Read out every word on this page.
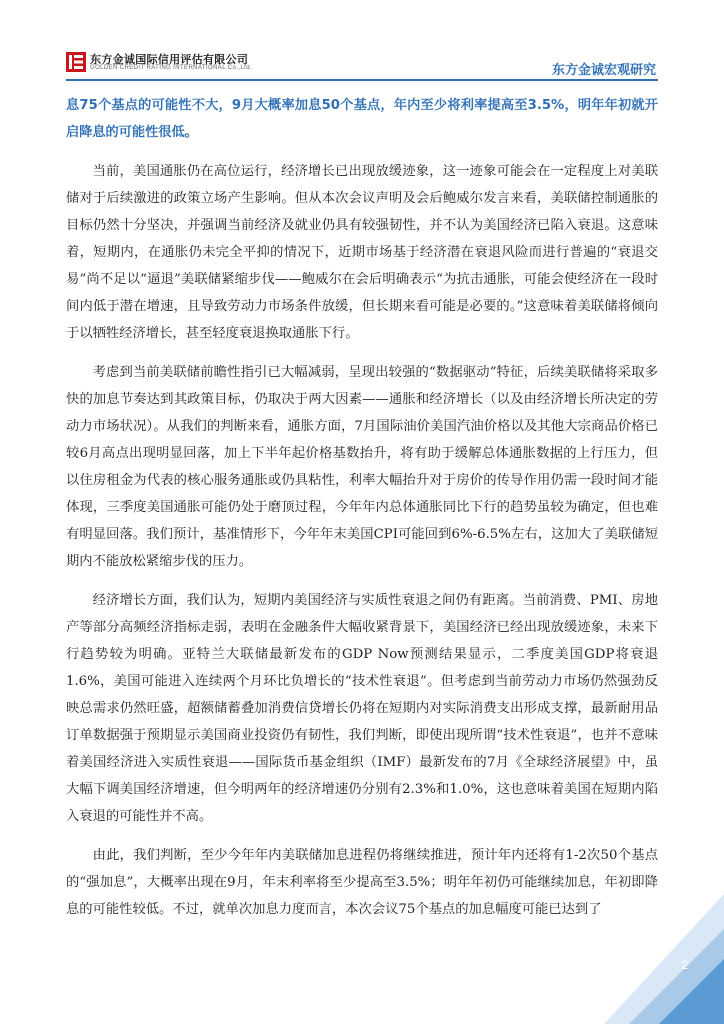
东方金诚国际信用评估有限公司
GOLDEN CREDIT RATING INTERNATIONAL Co.,Ltd.	东方金诚宏观研究

息75个基点的可能性不大，9月大概率加息50个基点，年内至少将利率提高至3.5%，明年年初就开启降息的可能性很低。

当前，美国通胀仍在高位运行，经济增长已出现放缓迹象，这一迹象可能会在一定程度上对美联储对于后续激进的政策立场产生影响。但从本次会议声明及会后鲍威尔发言来看，美联储控制通胀的目标仍然十分坚决，并强调当前经济及就业仍具有较强韧性，并不认为美国经济已陷入衰退。这意味着，短期内，在通胀仍未完全平抑的情况下，近期市场基于经济潜在衰退风险而进行普遍的“衰退交易”尚不足以“逼退”美联储紧缩步伐——鲍威尔在会后明确表示“为抗击通胀，可能会使经济在一段时间内低于潜在增速，且导致劳动力市场条件放缓，但长期来看可能是必要的。”这意味着美联储将倾向于以牺牲经济增长，甚至轻度衰退换取通胀下行。

考虑到当前美联储前瞻性指引已大幅减弱，呈现出较强的“数据驱动”特征，后续美联储将采取多快的加息节奏达到其政策目标，仍取决于两大因素——通胀和经济增长（以及由经济增长所决定的劳动力市场状况）。从我们的判断来看，通胀方面，7月国际油价美国汽油价格以及其他大宗商品价格已较6月高点出现明显回落，加上下半年起价格基数抬升，将有助于缓解总体通胀数据的上行压力，但以住房租金为代表的核心服务通胀或仍具粘性，利率大幅抬升对于房价的传导作用仍需一段时间才能体现，三季度美国通胀可能仍处于磨顶过程，今年年内总体通胀同比下行的趋势虽较为确定，但也难有明显回落。我们预计，基准情形下，今年年末美国CPI可能回到6%-6.5%左右，这加大了美联储短期内不能放松紧缩步伐的压力。

经济增长方面，我们认为，短期内美国经济与实质性衰退之间仍有距离。当前消费、PMI、房地产等部分高频经济指标走弱，表明在金融条件大幅收紧背景下，美国经济已经出现放缓迹象，未来下行趋势较为明确。亚特兰大联储最新发布的GDP Now预测结果显示，二季度美国GDP将衰退1.6%，美国可能进入连续两个月环比负增长的“技术性衰退”。但考虑到当前劳动力市场仍然强劲反映总需求仍然旺盛，超额储蓄叠加消费信贷增长仍将在短期内对实际消费支出形成支撑，最新耐用品订单数据强于预期显示美国商业投资仍有韧性，我们判断，即使出现所谓“技术性衰退”，也并不意味着美国经济进入实质性衰退——国际货币基金组织（IMF）最新发布的7月《全球经济展望》中，虽大幅下调美国经济增速，但今明两年的经济增速仍分别有2.3%和1.0%，这也意味着美国在短期内陷入衰退的可能性并不高。

由此，我们判断，至少今年年内美联储加息进程仍将继续推进，预计年内还将有1-2次50个基点的“强加息”，大概率出现在9月，年末利率将至少提高至3.5%；明年年初仍可能继续加息，年初即降息的可能性较低。不过，就单次加息力度而言，本次会议75个基点的加息幅度可能已达到了

2
